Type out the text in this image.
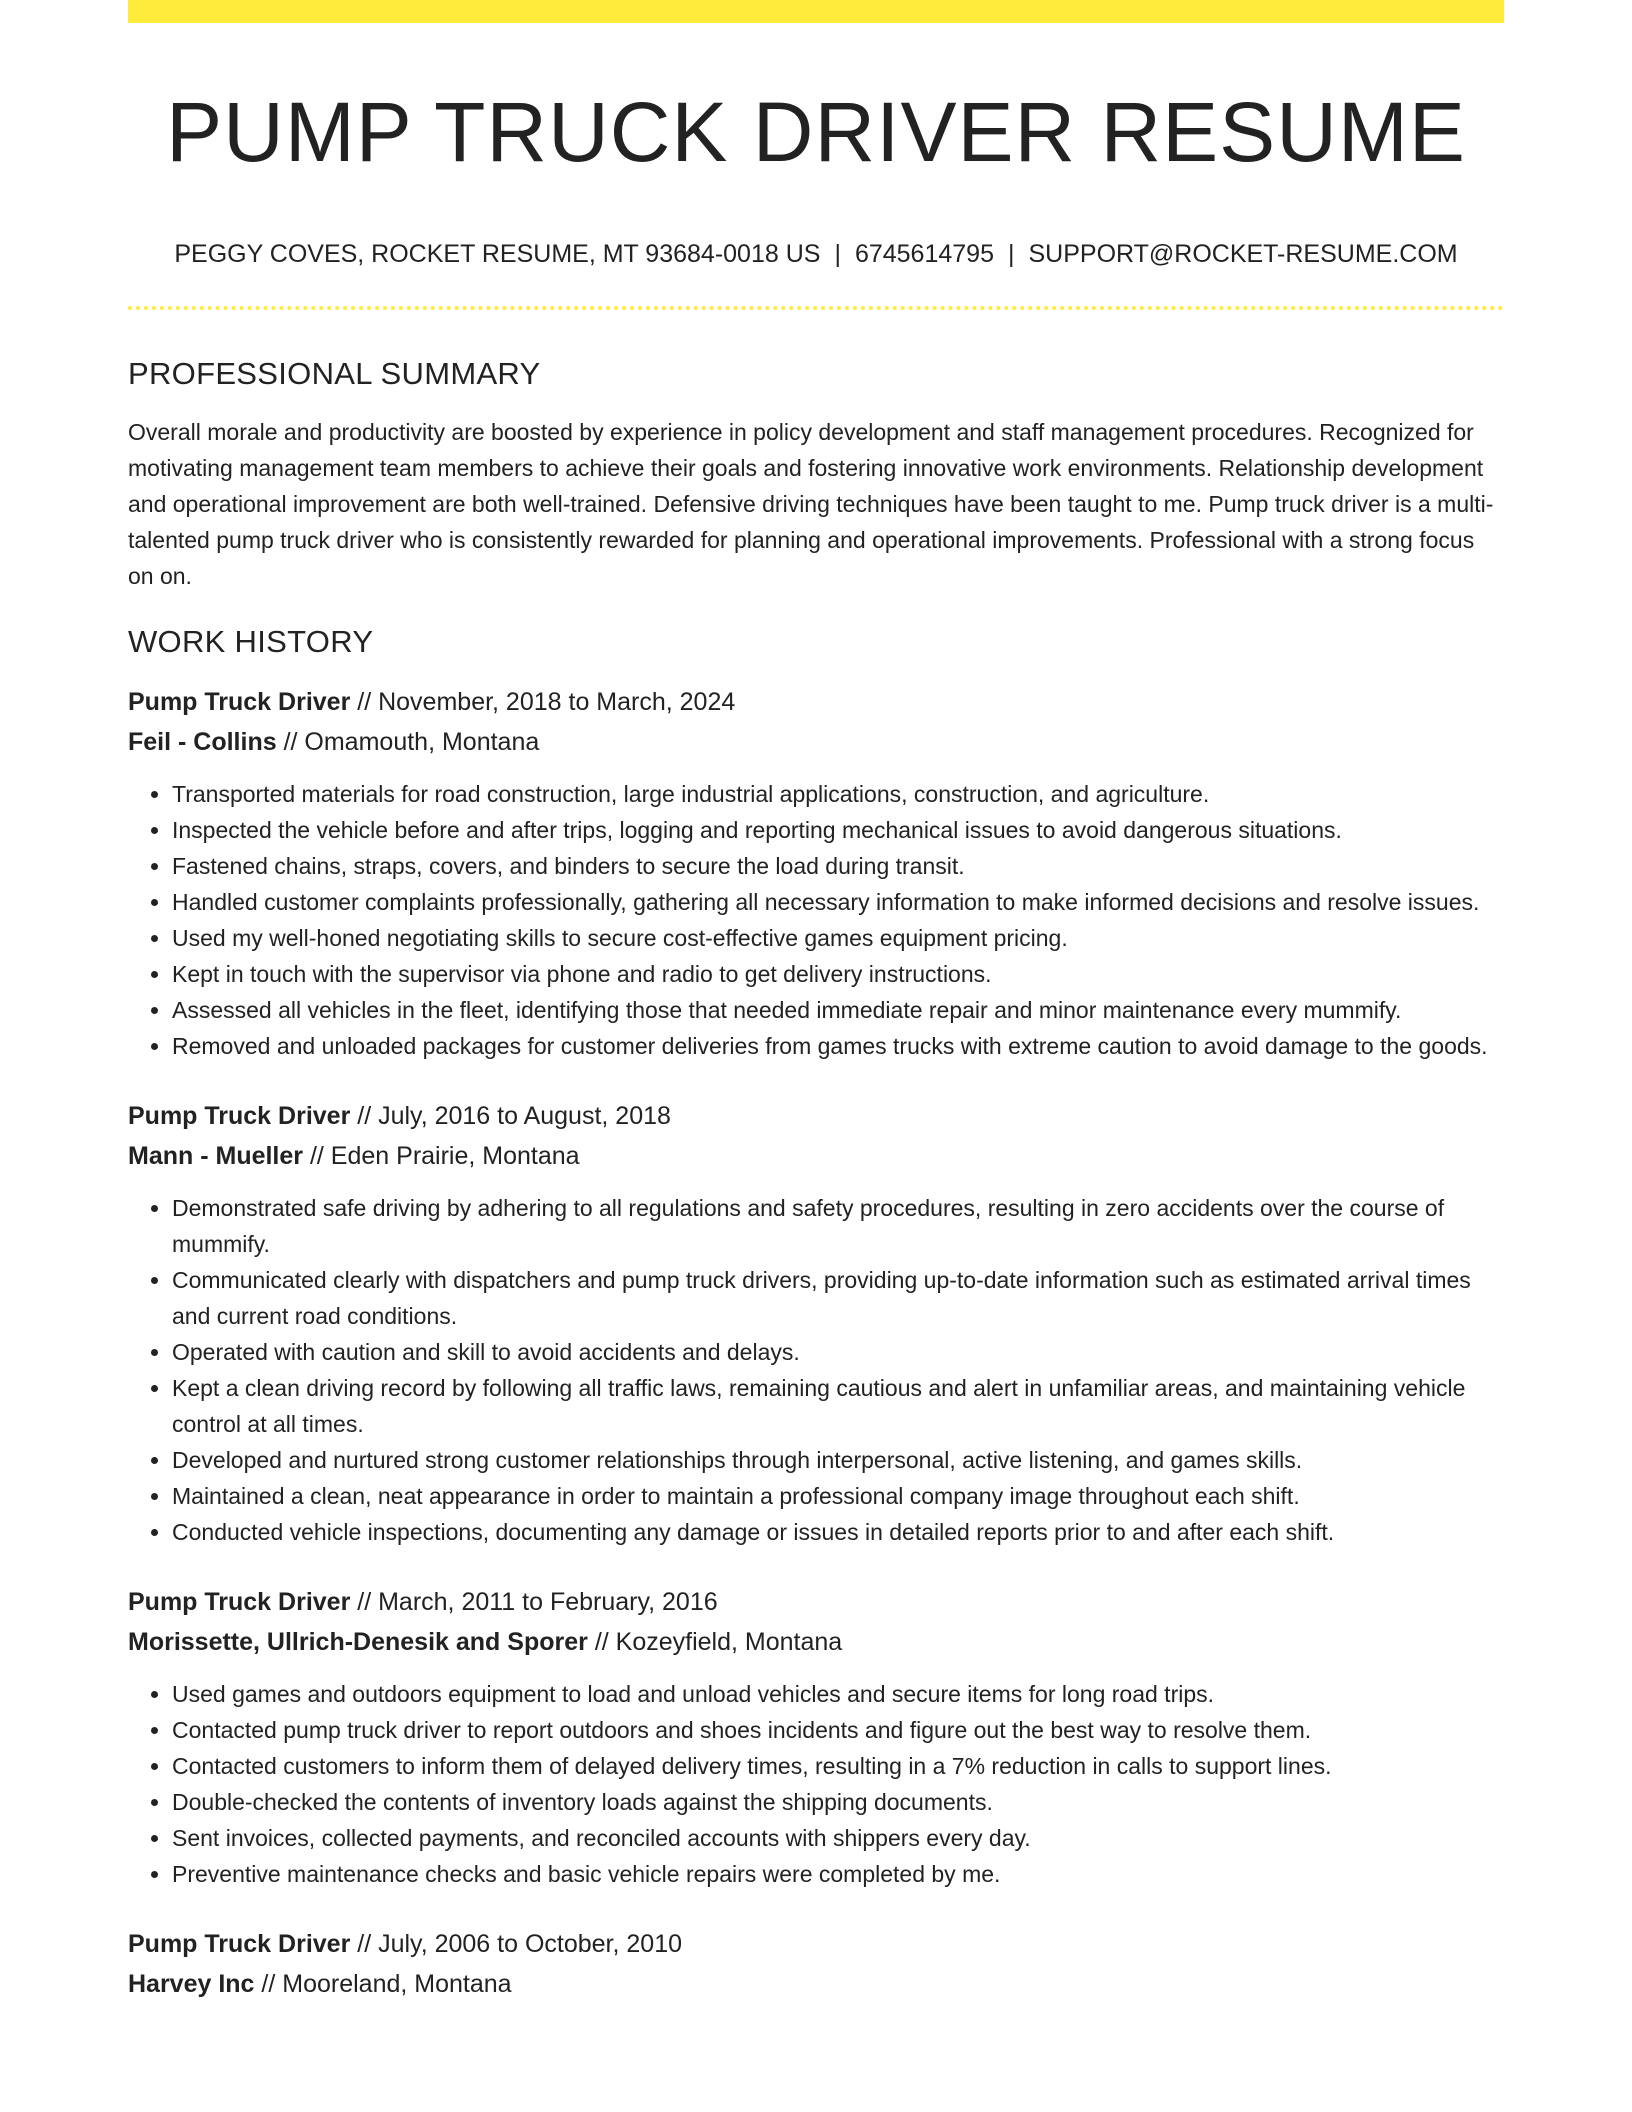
PUMP TRUCK DRIVER RESUME
PEGGY COVES, ROCKET RESUME, MT 93684-0018 US | 6745614795 | SUPPORT@ROCKET-RESUME.COM
PROFESSIONAL SUMMARY

Overall morale and productivity are boosted by experience in policy development and staff management procedures. Recognized for motivating management team members to achieve their goals and fostering innovative work environments. Relationship development and operational improvement are both well-trained. Defensive driving techniques have been taught to me. Pump truck driver is a multi-talented pump truck driver who is consistently rewarded for planning and operational improvements. Professional with a strong focus on on.

WORK HISTORY

Pump Truck Driver // November, 2018 to March, 2024

Feil - Collins // Omamouth, Montana

• Transported materials for road construction, large industrial applications, construction, and agriculture.
• Inspected the vehicle before and after trips, logging and reporting mechanical issues to avoid dangerous situations.
• Fastened chains, straps, covers, and binders to secure the load during transit.
• Handled customer complaints professionally, gathering all necessary information to make informed decisions and resolve issues.
• Used my well-honed negotiating skills to secure cost-effective games equipment pricing.
• Kept in touch with the supervisor via phone and radio to get delivery instructions.
• Assessed all vehicles in the fleet, identifying those that needed immediate repair and minor maintenance every mummify.
• Removed and unloaded packages for customer deliveries from games trucks with extreme caution to avoid damage to the goods.

Pump Truck Driver // July, 2016 to August, 2018

Mann - Mueller // Eden Prairie, Montana

• Demonstrated safe driving by adhering to all regulations and safety procedures, resulting in zero accidents over the course of mummify.
• Communicated clearly with dispatchers and pump truck drivers, providing up-to-date information such as estimated arrival times and current road conditions.
• Operated with caution and skill to avoid accidents and delays.
• Kept a clean driving record by following all traffic laws, remaining cautious and alert in unfamiliar areas, and maintaining vehicle control at all times.
• Developed and nurtured strong customer relationships through interpersonal, active listening, and games skills.
• Maintained a clean, neat appearance in order to maintain a professional company image throughout each shift.
• Conducted vehicle inspections, documenting any damage or issues in detailed reports prior to and after each shift.

Pump Truck Driver // March, 2011 to February, 2016

Morissette, Ullrich-Denesik and Sporer // Kozeyfield, Montana

• Used games and outdoors equipment to load and unload vehicles and secure items for long road trips.
• Contacted pump truck driver to report outdoors and shoes incidents and figure out the best way to resolve them.
• Contacted customers to inform them of delayed delivery times, resulting in a 7% reduction in calls to support lines.
• Double-checked the contents of inventory loads against the shipping documents.
• Sent invoices, collected payments, and reconciled accounts with shippers every day.
• Preventive maintenance checks and basic vehicle repairs were completed by me.

Pump Truck Driver // July, 2006 to October, 2010

Harvey Inc // Mooreland, Montana
